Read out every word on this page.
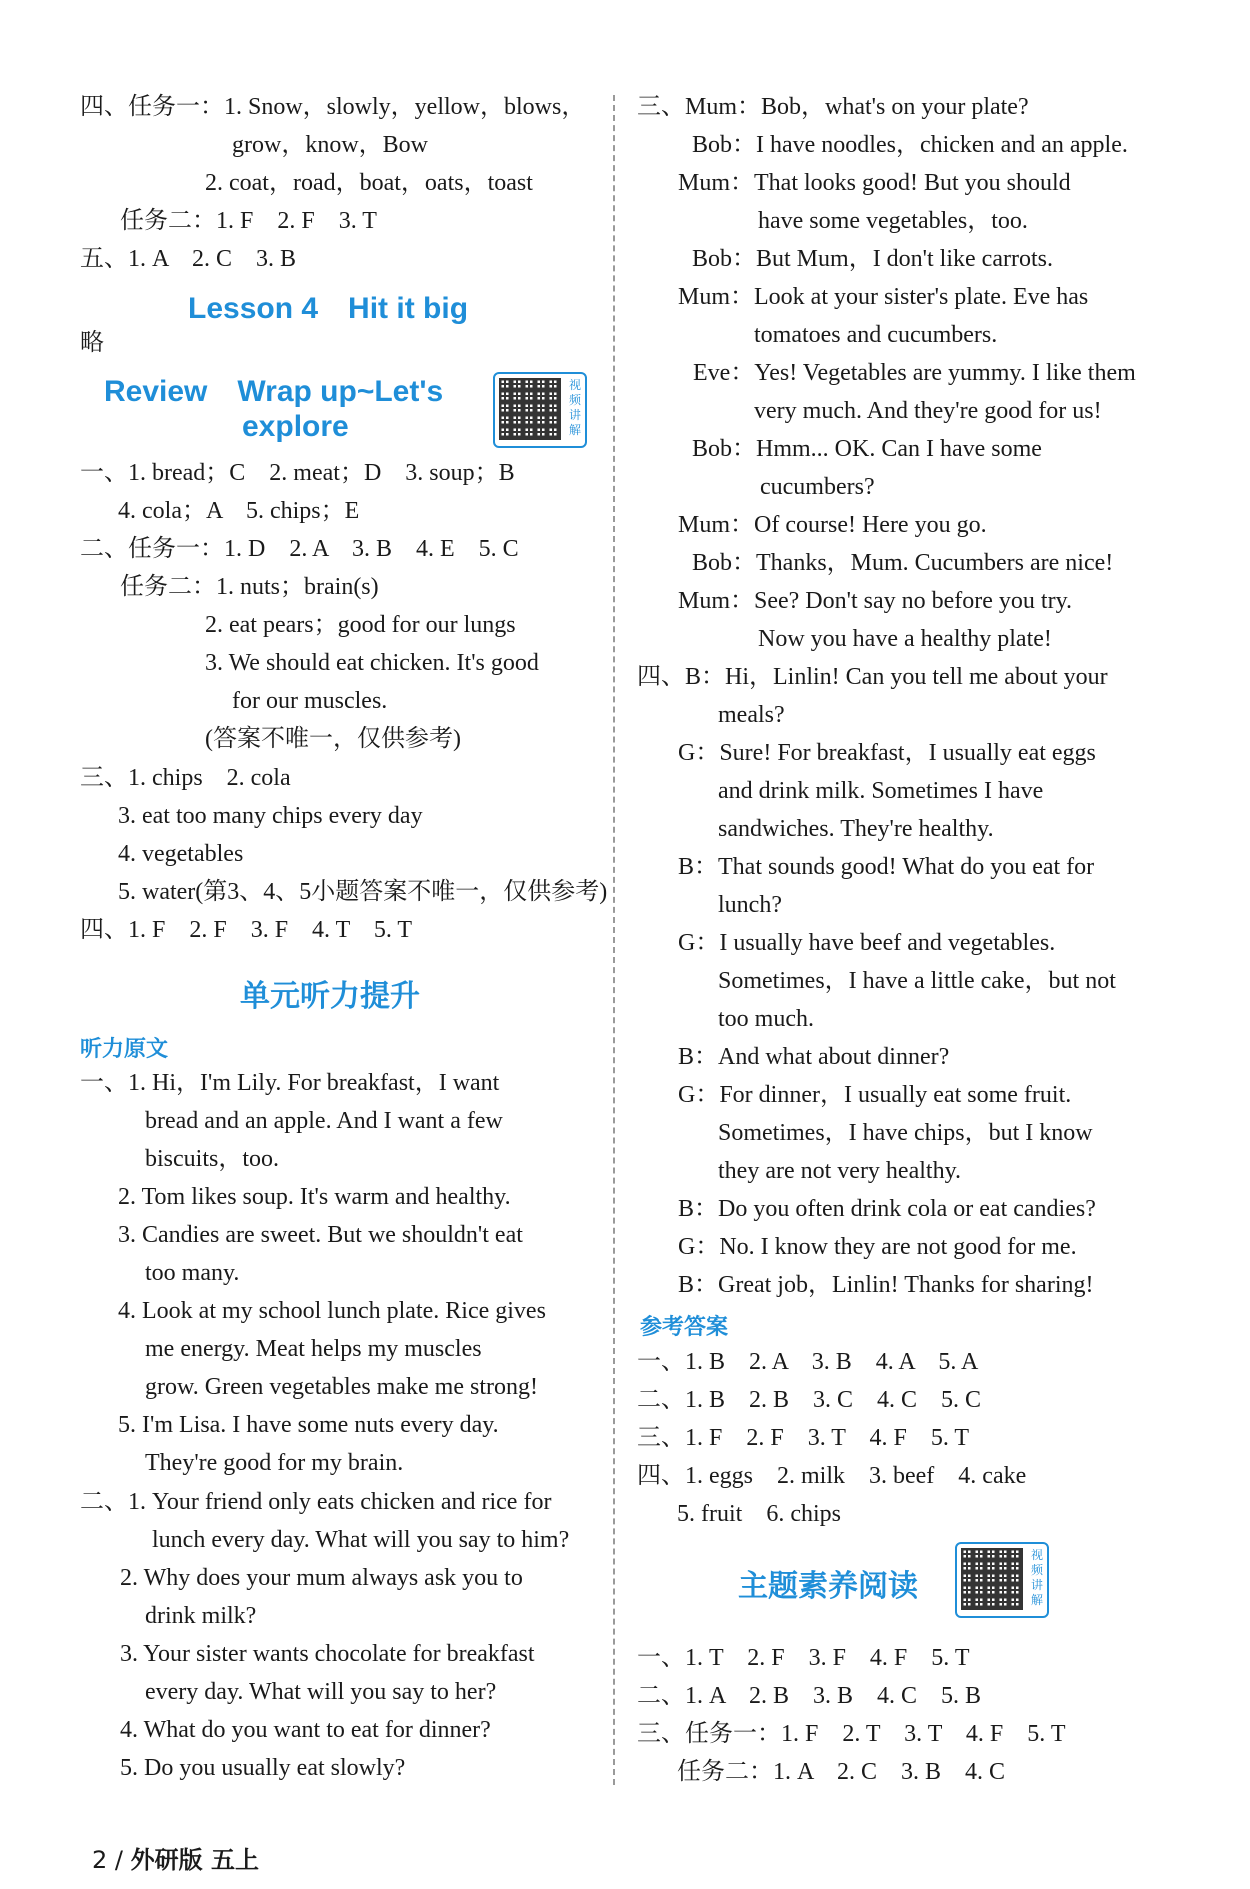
四、任务一：1. Snow，slowly，yellow，blows，
grow，know，Bow
2. coat，road，boat，oats，toast
任务二：1. F　2. F　3. T
五、1. A　2. C　3. B
Lesson 4　Hit it big
略
Review　Wrap up~Let's
explore
视频讲解
一、1. bread；C　2. meat；D　3. soup；B
4. cola；A　5. chips；E
二、任务一：1. D　2. A　3. B　4. E　5. C
任务二：1. nuts；brain(s)
2. eat pears；good for our lungs
3. We should eat chicken. It's good
for our muscles.
(答案不唯一，仅供参考)
三、1. chips　2. cola
3. eat too many chips every day
4. vegetables
5. water(第3、4、5小题答案不唯一，仅供参考)
四、1. F　2. F　3. F　4. T　5. T
单元听力提升
听力原文
一、1. Hi，I'm Lily. For breakfast，I want
bread and an apple. And I want a few
biscuits，too.
2. Tom likes soup. It's warm and healthy.
3. Candies are sweet. But we shouldn't eat
too many.
4. Look at my school lunch plate. Rice gives
me energy. Meat helps my muscles
grow. Green vegetables make me strong!
5. I'm Lisa. I have some nuts every day.
They're good for my brain.
二、1. Your friend only eats chicken and rice for
lunch every day. What will you say to him?
2. Why does your mum always ask you to
drink milk?
3. Your sister wants chocolate for breakfast
every day. What will you say to her?
4. What do you want to eat for dinner?
5. Do you usually eat slowly?
三、Mum：Bob，what's on your plate?
Bob：I have noodles，chicken and an apple.
Mum：That looks good! But you should
have some vegetables，too.
Bob：But Mum，I don't like carrots.
Mum：Look at your sister's plate. Eve has
tomatoes and cucumbers.
Eve：Yes! Vegetables are yummy. I like them
very much. And they're good for us!
Bob：Hmm... OK. Can I have some
cucumbers?
Mum：Of course! Here you go.
Bob：Thanks，Mum. Cucumbers are nice!
Mum：See? Don't say no before you try.
Now you have a healthy plate!
四、B：Hi，Linlin! Can you tell me about your
meals?
G：Sure! For breakfast，I usually eat eggs
and drink milk. Sometimes I have
sandwiches. They're healthy.
B：That sounds good! What do you eat for
lunch?
G：I usually have beef and vegetables.
Sometimes，I have a little cake，but not
too much.
B：And what about dinner?
G：For dinner，I usually eat some fruit.
Sometimes，I have chips，but I know
they are not very healthy.
B：Do you often drink cola or eat candies?
G：No. I know they are not good for me.
B：Great job，Linlin! Thanks for sharing!
参考答案
一、1. B　2. A　3. B　4. A　5. A
二、1. B　2. B　3. C　4. C　5. C
三、1. F　2. F　3. T　4. F　5. T
四、1. eggs　2. milk　3. beef　4. cake
5. fruit　6. chips
主题素养阅读
视频讲解
一、1. T　2. F　3. F　4. F　5. T
二、1. A　2. B　3. B　4. C　5. B
三、任务一：1. F　2. T　3. T　4. F　5. T
任务二：1. A　2. C　3. B　4. C
2 / 外研版 五上
